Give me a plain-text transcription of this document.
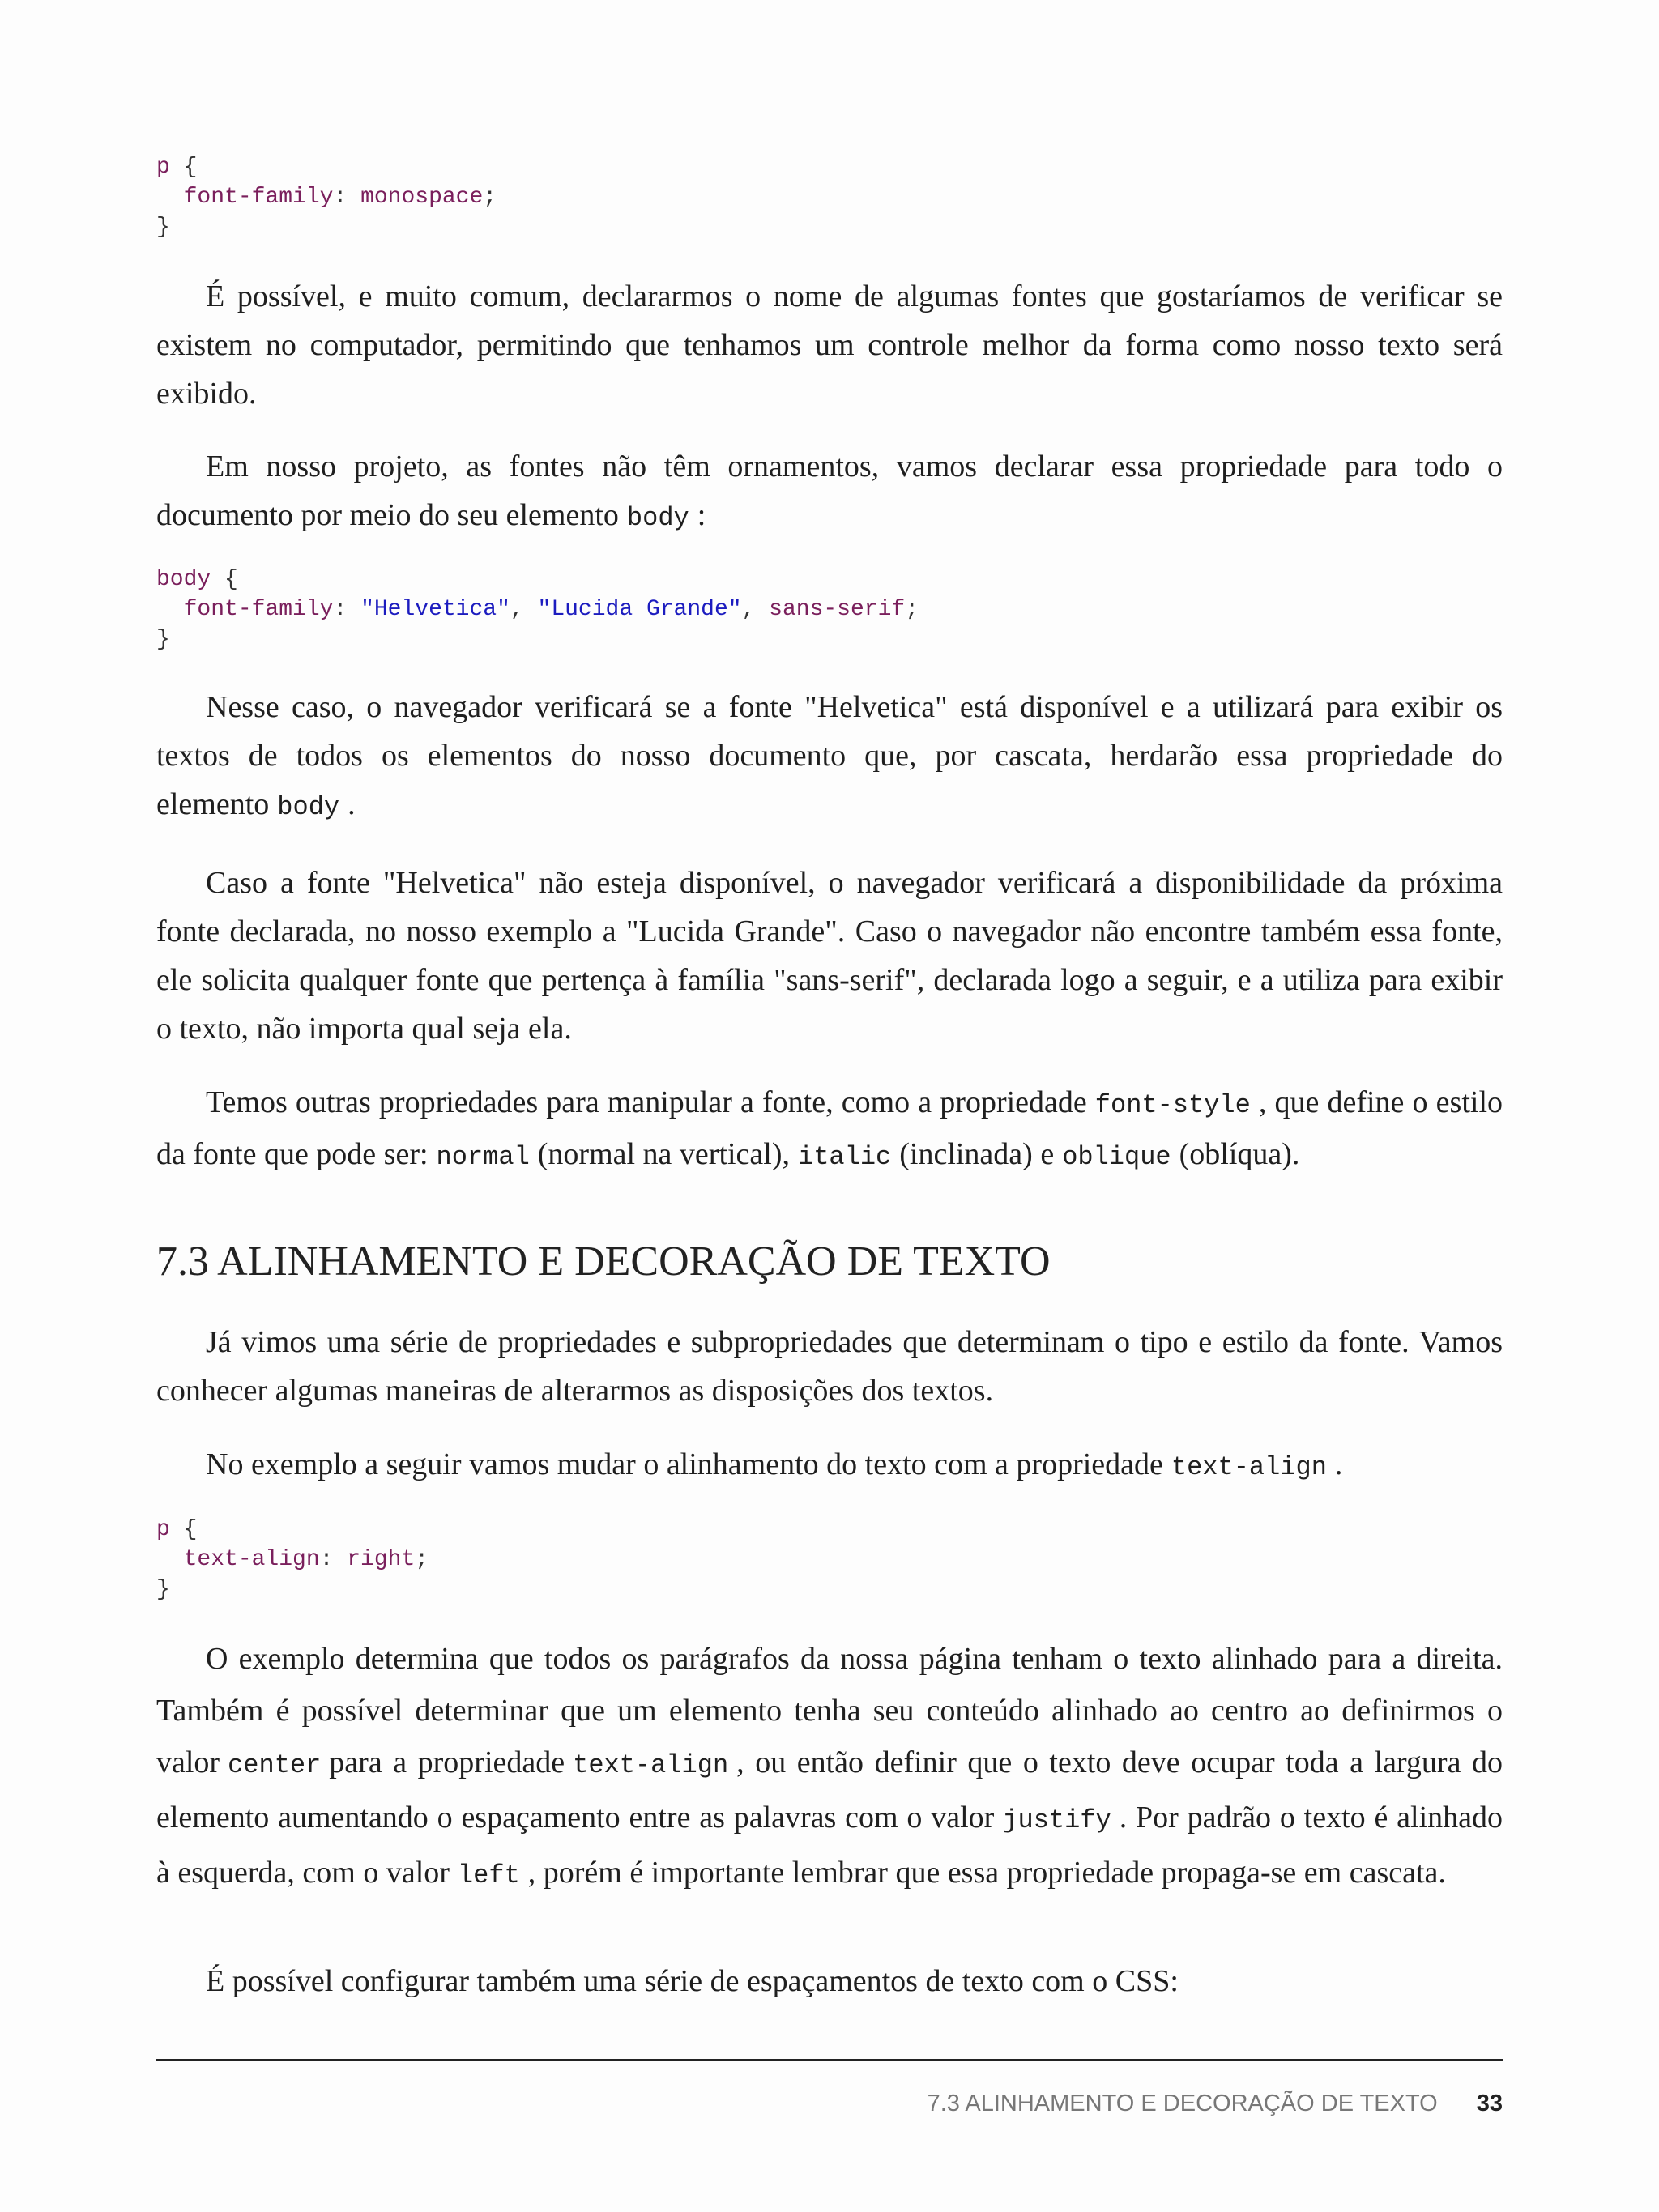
p {
font-family: monospace;
}

É possível, e muito comum, declararmos o nome de algumas fontes que gostaríamos de verificar se existem no computador, permitindo que tenhamos um controle melhor da forma como nosso texto será exibido.

Em nosso projeto, as fontes não têm ornamentos, vamos declarar essa propriedade para todo o documento por meio do seu elemento body :

body {
font-family: "Helvetica", "Lucida Grande", sans-serif;
}

Nesse caso, o navegador verificará se a fonte "Helvetica" está disponível e a utilizará para exibir os textos de todos os elementos do nosso documento que, por cascata, herdarão essa propriedade do elemento body .

Caso a fonte "Helvetica" não esteja disponível, o navegador verificará a disponibilidade da próxima fonte declarada, no nosso exemplo a "Lucida Grande". Caso o navegador não encontre também essa fonte, ele solicita qualquer fonte que pertença à família "sans-serif", declarada logo a seguir, e a utiliza para exibir o texto, não importa qual seja ela.

Temos outras propriedades para manipular a fonte, como a propriedade font-style , que define o estilo da fonte que pode ser: normal (normal na vertical), italic (inclinada) e oblique (oblíqua).

7.3 ALINHAMENTO E DECORAÇÃO DE TEXTO

Já vimos uma série de propriedades e subpropriedades que determinam o tipo e estilo da fonte. Vamos conhecer algumas maneiras de alterarmos as disposições dos textos.

No exemplo a seguir vamos mudar o alinhamento do texto com a propriedade text-align .

p {
text-align: right;
}

O exemplo determina que todos os parágrafos da nossa página tenham o texto alinhado para a direita. Também é possível determinar que um elemento tenha seu conteúdo alinhado ao centro ao definirmos o valor center para a propriedade text-align , ou então definir que o texto deve ocupar toda a largura do elemento aumentando o espaçamento entre as palavras com o valor justify . Por padrão o texto é alinhado à esquerda, com o valor left , porém é importante lembrar que essa propriedade propaga-se em cascata.

É possível configurar também uma série de espaçamentos de texto com o CSS:

7.3 ALINHAMENTO E DECORAÇÃO DE TEXTO 33
